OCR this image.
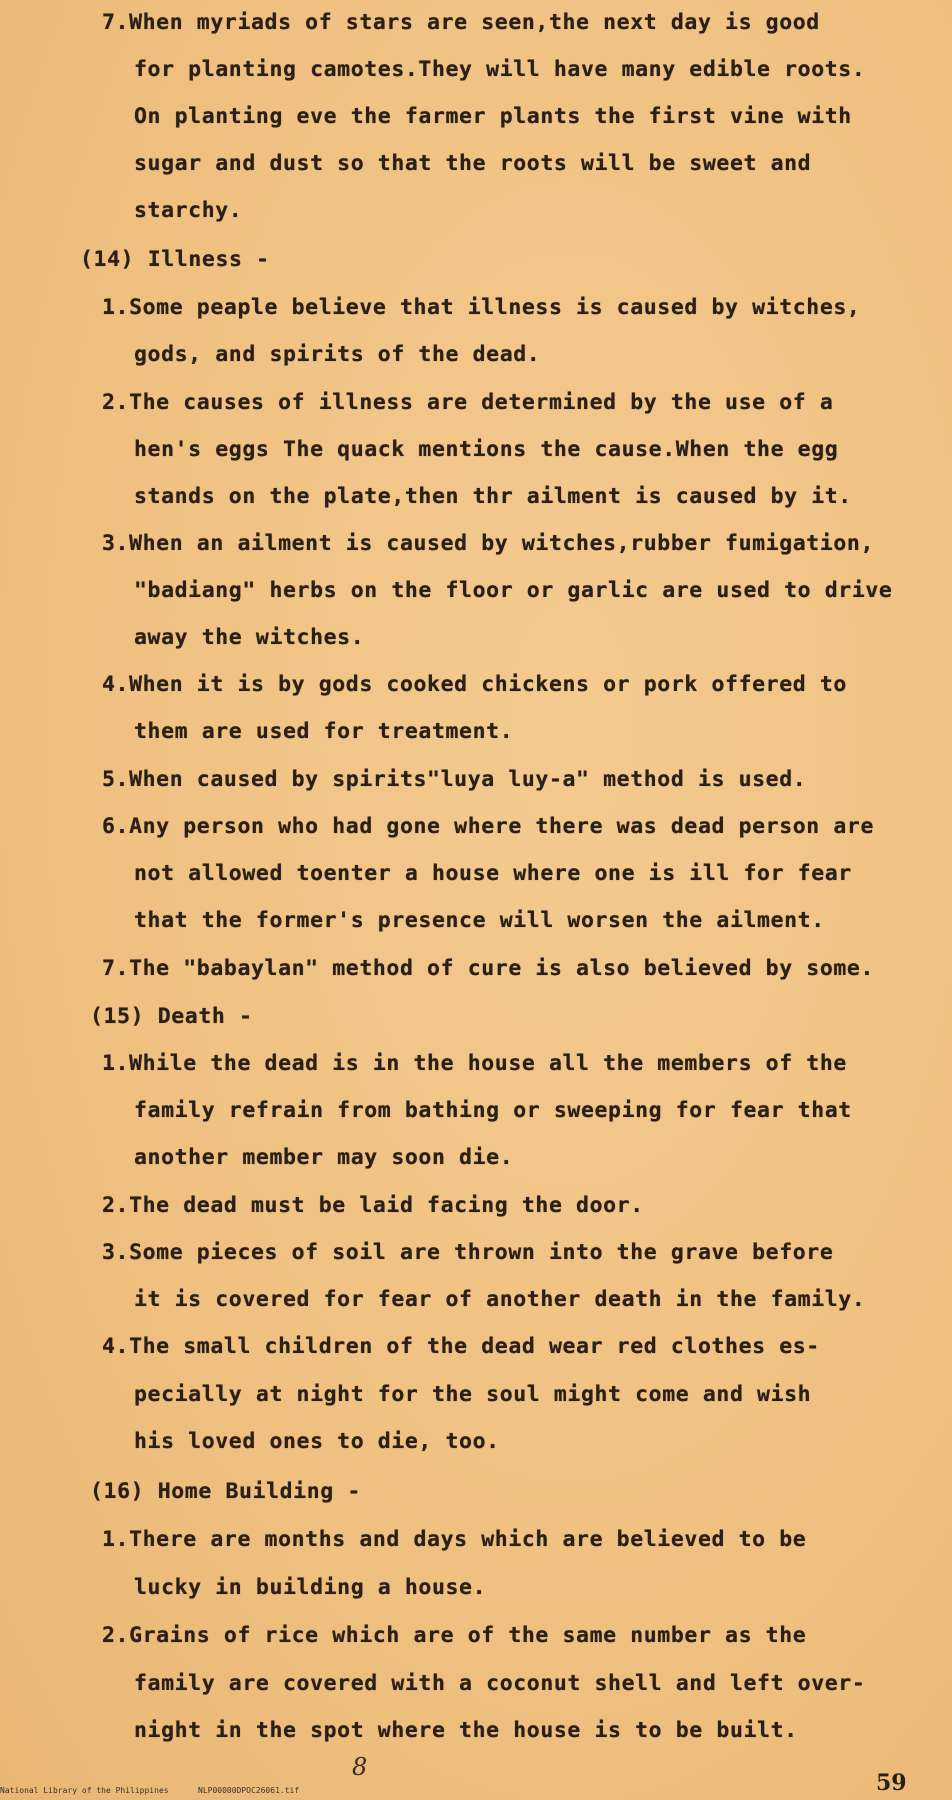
7.When myriads of stars are seen,the next day is good
for planting camotes.They will have many edible roots.
On planting eve the farmer plants the first vine with
sugar and dust so that the roots will be sweet and
starchy.
(14) Illness -
1.Some peaple believe that illness is caused by witches,
gods, and spirits of the dead.
2.The causes of illness are determined by the use of a
hen's eggs The quack mentions the cause.When the egg
stands on the plate,then thr ailment is caused by it.
3.When an ailment is caused by witches,rubber fumigation,
"badiang" herbs on the floor or garlic are used to drive
away the witches.
4.When it is by gods cooked chickens or pork offered to
them are used for treatment.
5.When caused by spirits"luya luy-a" method is used.
6.Any person who had gone where there was dead person are
not allowed toenter a house where one is ill for fear
that the former's presence will worsen the ailment.
7.The "babaylan" method of cure is also believed by some.
(15) Death -
1.While the dead is in the house all the members of the
family refrain from bathing or sweeping for fear that
another member may soon die.
2.The dead must be laid facing the door.
3.Some pieces of soil are thrown into the grave before
it is covered for fear of another death in the family.
4.The small children of the dead wear red clothes es-
pecially at night for the soul might come and wish
his loved ones to die, too.
(16) Home Building -
1.There are months and days which are believed to be
lucky in building a house.
2.Grains of rice which are of the same number as the
family are covered with a coconut shell and left over-
night in the spot where the house is to be built.
8
59
National Library of the Philippines	NLP00000DPOC26061.tif
